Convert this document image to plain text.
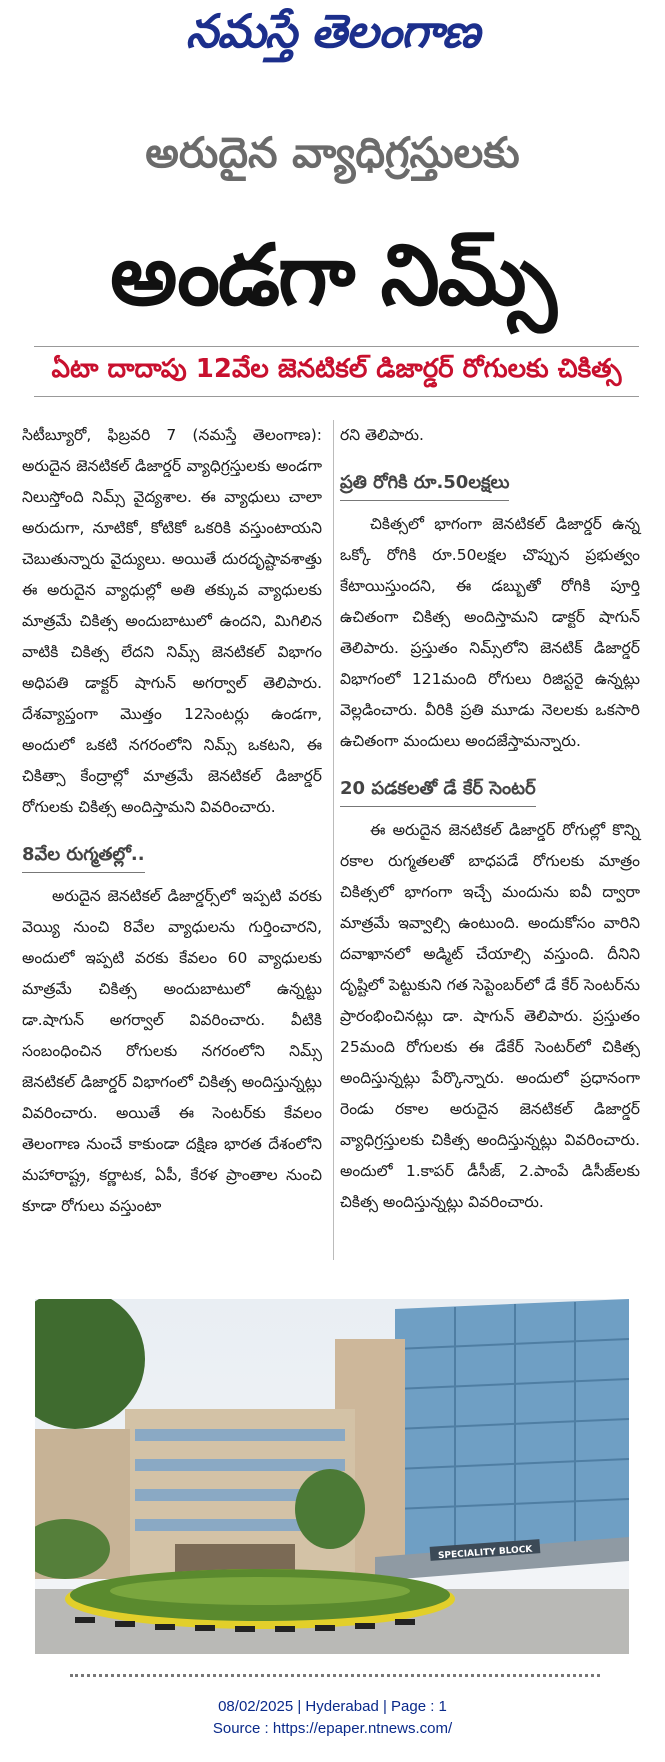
నమస్తే తెలంగాణ
అరుదైన వ్యాధిగ్రస్తులకు
అండగా నిమ్స్
ఏటా దాదాపు 12వేల జెనటికల్ డిజార్డర్ రోగులకు చికిత్స

సిటీబ్యూరో, ఫిబ్రవరి 7 (నమస్తే తెలంగాణ): అరుదైన జెనటికల్ డిజార్డర్ వ్యాధిగ్రస్తులకు అండగా నిలుస్తోంది నిమ్స్ వైద్యశాల. ఈ వ్యాధులు చాలా అరుదుగా, నూటికో, కోటికో ఒకరికి వస్తుంటాయని చెబుతున్నారు వైద్యులు. అయితే దురదృష్టావశాత్తు ఈ అరుదైన వ్యాధుల్లో అతి తక్కువ వ్యాధులకు మాత్రమే చికిత్స అందుబాటులో ఉందని, మిగిలిన వాటికి చికిత్స లేదని నిమ్స్ జెనటికల్ విభాగం అధిపతి డాక్టర్ షాగున్ అగర్వాల్ తెలిపారు. దేశవ్యాప్తంగా మొత్తం 12సెంటర్లు ఉండగా, అందులో ఒకటి నగరంలోని నిమ్స్ ఒకటని, ఈ చికిత్సా కేంద్రాల్లో మాత్రమే జెనటికల్ డిజార్డర్ రోగులకు చికిత్స అందిస్తామని వివరించారు.

8వేల రుగ్మతల్లో..

అరుదైన జెనటికల్ డిజార్డర్స్‌లో ఇప్పటి వరకు వెయ్యి నుంచి 8వేల వ్యాధులను గుర్తించారని, అందులో ఇప్పటి వరకు కేవలం 60 వ్యాధులకు మాత్రమే చికిత్స అందుబాటులో ఉన్నట్టు డా.షాగున్ అగర్వాల్ వివరించారు. వీటికి సంబంధించిన రోగులకు నగరంలోని నిమ్స్ జెనటికల్ డిజార్డర్ విభాగంలో చికిత్స అందిస్తున్నట్లు వివరించారు. అయితే ఈ సెంటర్‌కు కేవలం తెలంగాణ నుంచే కాకుండా దక్షిణ భారత దేశంలోని మహారాష్ట్ర, కర్ణాటక, ఏపీ, కేరళ ప్రాంతాల నుంచి కూడా రోగులు వస్తుంటా

రని తెలిపారు.

ప్రతి రోగికి రూ.50లక్షలు

చికిత్సలో భాగంగా జెనటికల్ డిజార్డర్ ఉన్న ఒక్కో రోగికి రూ.50లక్షల చొప్పున ప్రభుత్వం కేటాయిస్తుందని, ఈ డబ్బుతో రోగికి పూర్తి ఉచితంగా చికిత్స అందిస్తామని డాక్టర్ షాగున్ తెలిపారు. ప్రస్తుతం నిమ్స్‌లోని జెనటిక్ డిజార్డర్ విభాగంలో 121మంది రోగులు రిజిస్టరై ఉన్నట్లు వెల్లడించారు. వీరికి ప్రతి మూడు నెలలకు ఒకసారి ఉచితంగా మందులు అందజేస్తామన్నారు.

20 పడకలతో డే కేర్ సెంటర్

ఈ అరుదైన జెనటికల్ డిజార్డర్ రోగుల్లో కొన్ని రకాల రుగ్మతలతో బాధపడే రోగులకు మాత్రం చికిత్సలో భాగంగా ఇచ్చే మందును ఐవీ ద్వారా మాత్రమే ఇవ్వాల్సి ఉంటుంది. అందుకోసం వారిని దవాఖానలో అడ్మిట్ చేయాల్సి వస్తుంది. దీనిని దృష్టిలో పెట్టుకుని గత సెప్టెంబర్‌లో డే కేర్ సెంటర్‌ను ప్రారంభించినట్లు డా. షాగున్ తెలిపారు. ప్రస్తుతం 25మంది రోగులకు ఈ డేకేర్ సెంటర్‌లో చికిత్స అందిస్తున్నట్లు పేర్కొన్నారు. అందులో ప్రధానంగా రెండు రకాల అరుదైన జెనటికల్ డిజార్డర్ వ్యాధిగ్రస్తులకు చికిత్స అందిస్తున్నట్లు వివరించారు. అందులో 1.కాపర్ డీసీజ్, 2.పాంపే డిసీజ్‌లకు చికిత్స అందిస్తున్నట్లు వివరించారు.

SPECIALITY BLOCK
08/02/2025 | Hyderabad | Page : 1
Source : https://epaper.ntnews.com/
